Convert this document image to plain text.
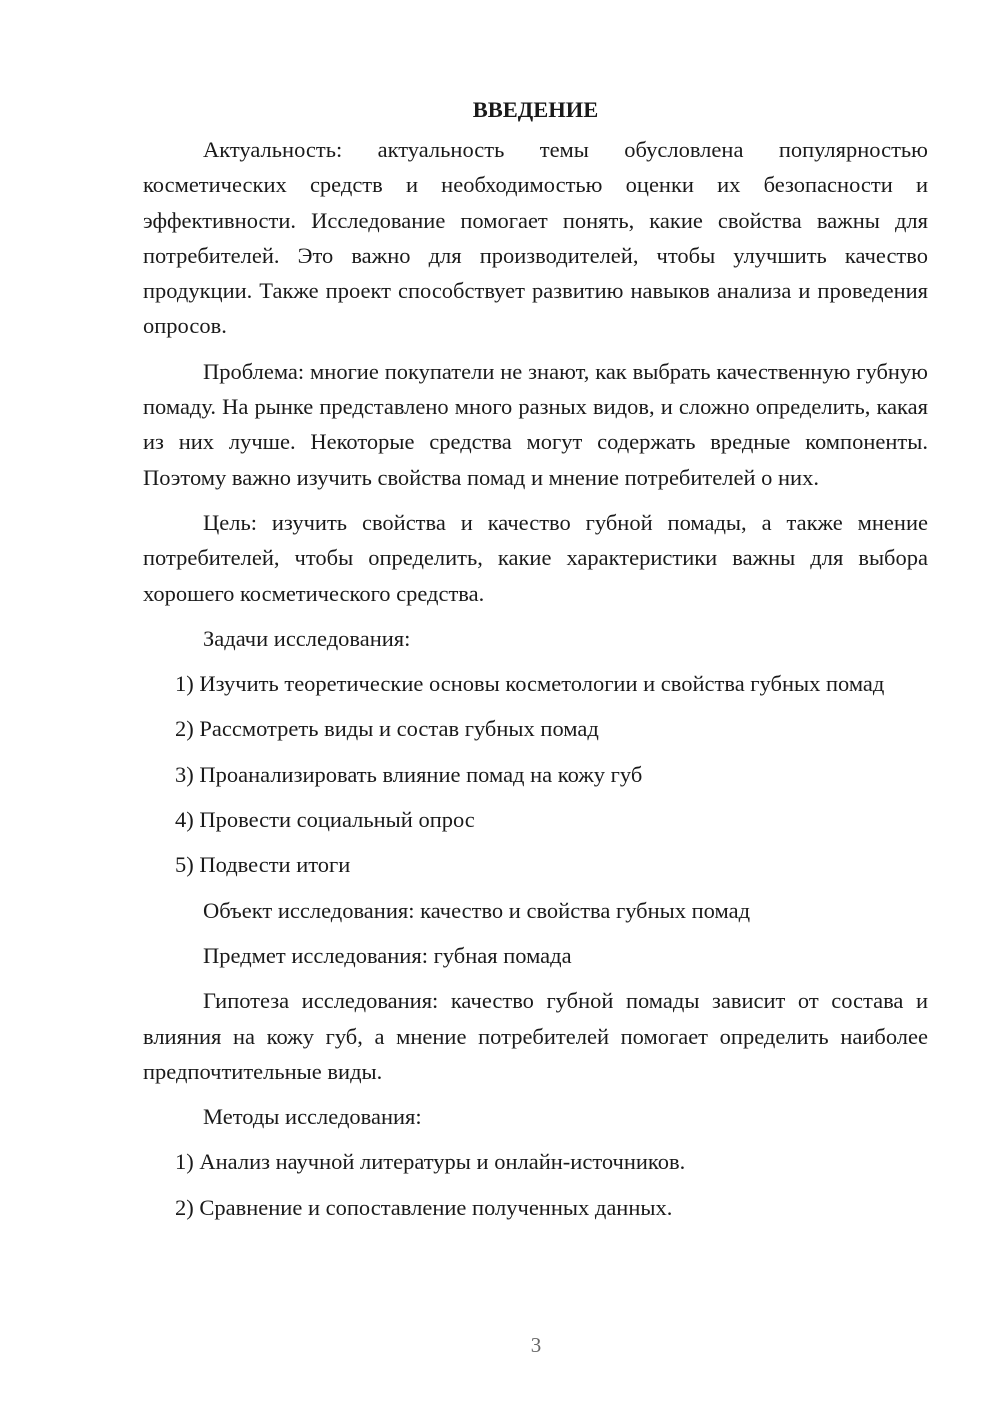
ВВЕДЕНИЕ

Актуальность: актуальность темы обусловлена популярностью косметических средств и необходимостью оценки их безопасности и эффективности. Исследование помогает понять, какие свойства важны для потребителей. Это важно для производителей, чтобы улучшить качество продукции. Также проект способствует развитию навыков анализа и проведения опросов.

Проблема: многие покупатели не знают, как выбрать качественную губную помаду. На рынке представлено много разных видов, и сложно определить, какая из них лучше. Некоторые средства могут содержать вредные компоненты. Поэтому важно изучить свойства помад и мнение потребителей о них.

Цель: изучить свойства и качество губной помады, а также мнение потребителей, чтобы определить, какие характеристики важны для выбора хорошего косметического средства.

Задачи исследования:

1) Изучить теоретические основы косметологии и свойства губных помад

2) Рассмотреть виды и состав губных помад

3) Проанализировать влияние помад на кожу губ

4) Провести социальный опрос

5) Подвести итоги

Объект исследования: качество и свойства губных помад

Предмет исследования: губная помада

Гипотеза исследования: качество губной помады зависит от состава и влияния на кожу губ, а мнение потребителей помогает определить наиболее предпочтительные виды.

Методы исследования:

1) Анализ научной литературы и онлайн-источников.

2) Сравнение и сопоставление полученных данных.

3
